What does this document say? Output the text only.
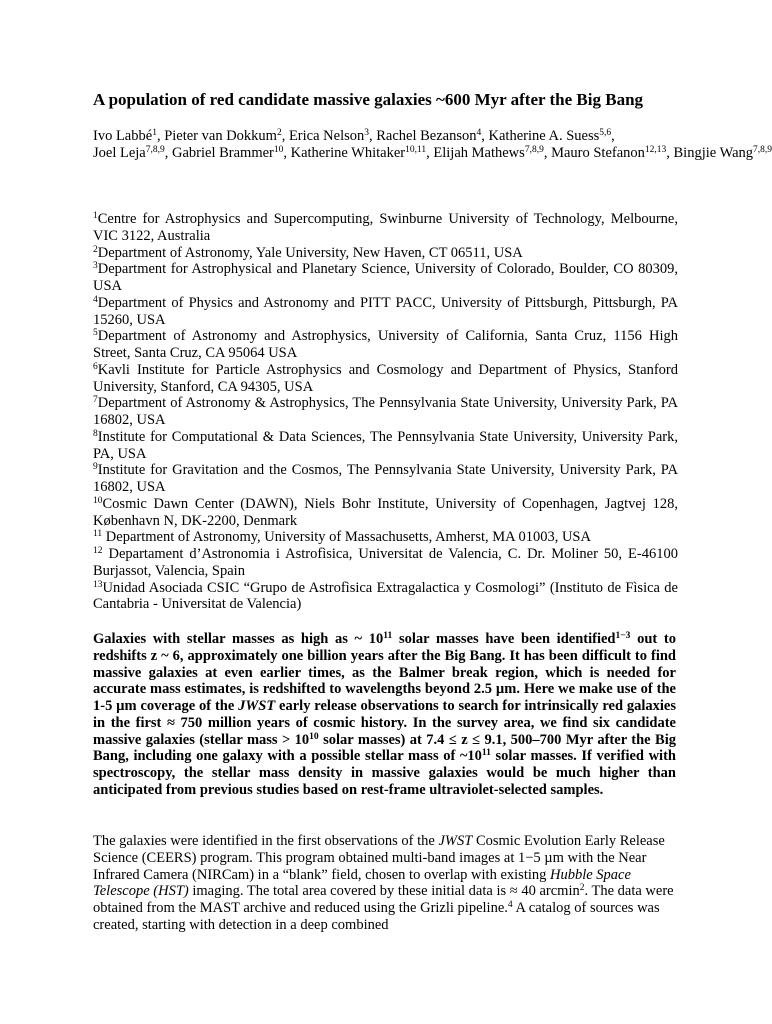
A population of red candidate massive galaxies ~600 Myr after the Big Bang
Ivo Labbé$^1$, Pieter van Dokkum$^2$, Erica Nelson$^3$, Rachel Bezanson$^4$, Katherine A. Suess$^{5,6}$,
Joel Leja$^{7,8,9}$, Gabriel Brammer$^{10}$, Katherine Whitaker$^{10,11}$, Elijah Mathews$^{7,8,9}$, Mauro Stefanon$^{12,13}$, Bingjie Wang$^{7,8,9}$
$^1$Centre for Astrophysics and Supercomputing, Swinburne University of Technology, Melbourne, VIC 3122, Australia
$^2$Department of Astronomy, Yale University, New Haven, CT 06511, USA
$^3$Department for Astrophysical and Planetary Science, University of Colorado, Boulder, CO 80309, USA
$^4$Department of Physics and Astronomy and PITT PACC, University of Pittsburgh, Pittsburgh, PA 15260, USA
$^5$Department of Astronomy and Astrophysics, University of California, Santa Cruz, 1156 High Street, Santa Cruz, CA 95064 USA
$^6$Kavli Institute for Particle Astrophysics and Cosmology and Department of Physics, Stanford University, Stanford, CA 94305, USA
$^7$Department of Astronomy & Astrophysics, The Pennsylvania State University, University Park, PA 16802, USA
$^8$Institute for Computational & Data Sciences, The Pennsylvania State University, University Park, PA, USA
$^9$Institute for Gravitation and the Cosmos, The Pennsylvania State University, University Park, PA 16802, USA
$^{10}$Cosmic Dawn Center (DAWN), Niels Bohr Institute, University of Copenhagen, Jagtvej 128, København N, DK-2200, Denmark
$^{11}$ Department of Astronomy, University of Massachusetts, Amherst, MA 01003, USA
$^{12}$ Departament d’Astronomia i Astrofìsica, Universitat de Valencia, C. Dr. Moliner 50, E-46100 Burjassot, Valencia, Spain
$^{13}$Unidad Asociada CSIC “Grupo de Astrofìsica Extragalactica y Cosmologi” (Instituto de Fìsica de Cantabria - Universitat de Valencia)
Galaxies with stellar masses as high as ~ $10^{11}$ solar masses have been identified$^{1-3}$ out to redshifts z ~ 6, approximately one billion years after the Big Bang. It has been difficult to find massive galaxies at even earlier times, as the Balmer break region, which is needed for accurate mass estimates, is redshifted to wavelengths beyond 2.5 µm. Here we make use of the 1-5 µm coverage of the JWST early release observations to search for intrinsically red galaxies in the first ≈ 750 million years of cosmic history. In the survey area, we find six candidate massive galaxies (stellar mass > $10^{10}$ solar masses) at 7.4 ≤ z ≤ 9.1, 500–700 Myr after the Big Bang, including one galaxy with a possible stellar mass of $\sim 10^{11}$ solar masses. If verified with spectroscopy, the stellar mass density in massive galaxies would be much higher than anticipated from previous studies based on rest-frame ultraviolet-selected samples.
The galaxies were identified in the first observations of the JWST Cosmic Evolution Early Release Science (CEERS) program. This program obtained multi-band images at 1−5 µm with the Near Infrared Camera (NIRCam) in a “blank” field, chosen to overlap with existing Hubble Space Telescope (HST) imaging. The total area covered by these initial data is ≈ 40 arcmin$^2$. The data were obtained from the MAST archive and reduced using the Grizli pipeline.$^4$ A catalog of sources was created, starting with detection in a deep combined
